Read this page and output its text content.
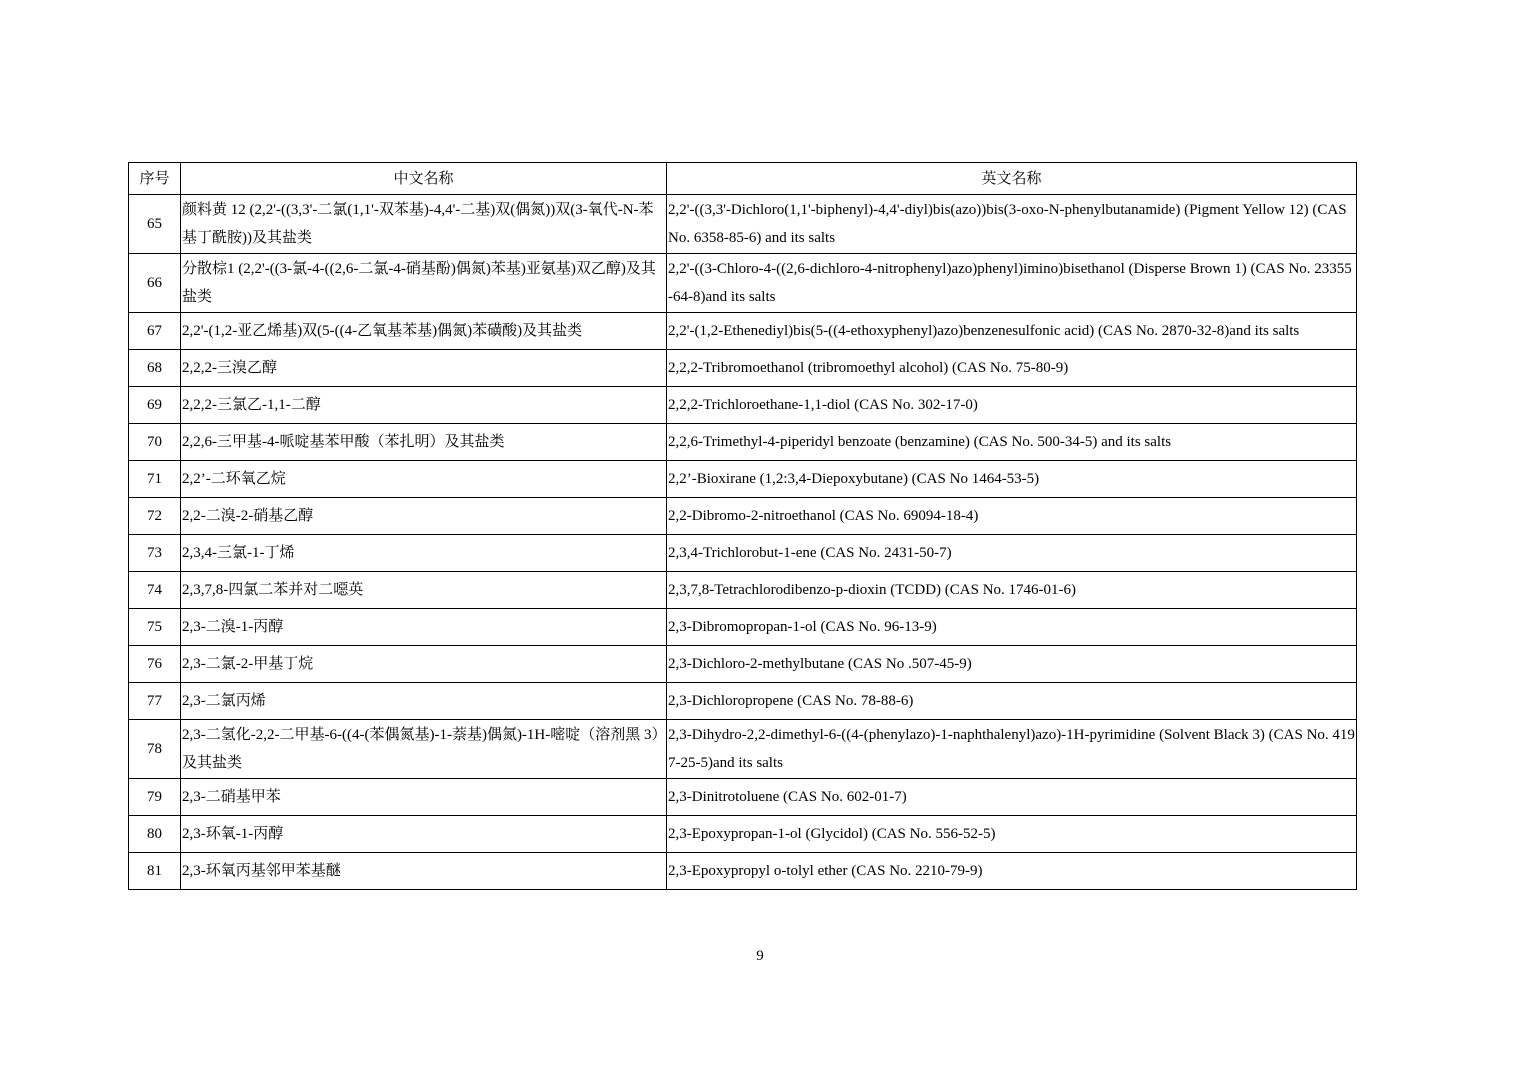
序号	中文名称	英文名称
65	颜料黄 12 (2,2'-((3,3'-二氯(1,1'-双苯基)-4,4'-二基)双(偶氮))双(3-氧代-N-苯基丁酰胺))及其盐类	2,2'-((3,3'-Dichloro(1,1'-biphenyl)-4,4'-diyl)bis(azo))bis(3-oxo-N-phenylbutanamide) (Pigment Yellow 12) (CAS No. 6358-85-6) and its salts
66	分散棕1 (2,2'-((3-氯-4-((2,6-二氯-4-硝基酚)偶氮)苯基)亚氨基)双乙醇)及其盐类	2,2'-((3-Chloro-4-((2,6-dichloro-4-nitrophenyl)azo)phenyl)imino)bisethanol (Disperse Brown 1) (CAS No. 23355-64-8)and its salts
67	2,2'-(1,2-亚乙烯基)双(5-((4-乙氧基苯基)偶氮)苯磺酸)及其盐类	2,2'-(1,2-Ethenediyl)bis(5-((4-ethoxyphenyl)azo)benzenesulfonic acid) (CAS No. 2870-32-8)and its salts
68	2,2,2-三溴乙醇	2,2,2-Tribromoethanol (tribromoethyl alcohol) (CAS No. 75-80-9)
69	2,2,2-三氯乙-1,1-二醇	2,2,2-Trichloroethane-1,1-diol (CAS No. 302-17-0)
70	2,2,6-三甲基-4-哌啶基苯甲酸（苯扎明）及其盐类	2,2,6-Trimethyl-4-piperidyl benzoate (benzamine) (CAS No. 500-34-5) and its salts
71	2,2’-二环氧乙烷	2,2’-Bioxirane (1,2:3,4-Diepoxybutane) (CAS No 1464-53-5)
72	2,2-二溴-2-硝基乙醇	2,2-Dibromo-2-nitroethanol (CAS No. 69094-18-4)
73	2,3,4-三氯-1-丁烯	2,3,4-Trichlorobut-1-ene (CAS No. 2431-50-7)
74	2,3,7,8-四氯二苯并对二噁英	2,3,7,8-Tetrachlorodibenzo-p-dioxin (TCDD) (CAS No. 1746-01-6)
75	2,3-二溴-1-丙醇	2,3-Dibromopropan-1-ol (CAS No. 96-13-9)
76	2,3-二氯-2-甲基丁烷	2,3-Dichloro-2-methylbutane (CAS No .507-45-9)
77	2,3-二氯丙烯	2,3-Dichloropropene (CAS No. 78-88-6)
78	2,3-二氢化-2,2-二甲基-6-((4-(苯偶氮基)-1-萘基)偶氮)-1H-嘧啶（溶剂黑 3）及其盐类	2,3-Dihydro-2,2-dimethyl-6-((4-(phenylazo)-1-naphthalenyl)azo)-1H-pyrimidine (Solvent Black 3) (CAS No. 4197-25-5)and its salts
79	2,3-二硝基甲苯	2,3-Dinitrotoluene (CAS No. 602-01-7)
80	2,3-环氧-1-丙醇	2,3-Epoxypropan-1-ol (Glycidol) (CAS No. 556-52-5)
81	2,3-环氧丙基邻甲苯基醚	2,3-Epoxypropyl o-tolyl ether (CAS No. 2210-79-9)
9
